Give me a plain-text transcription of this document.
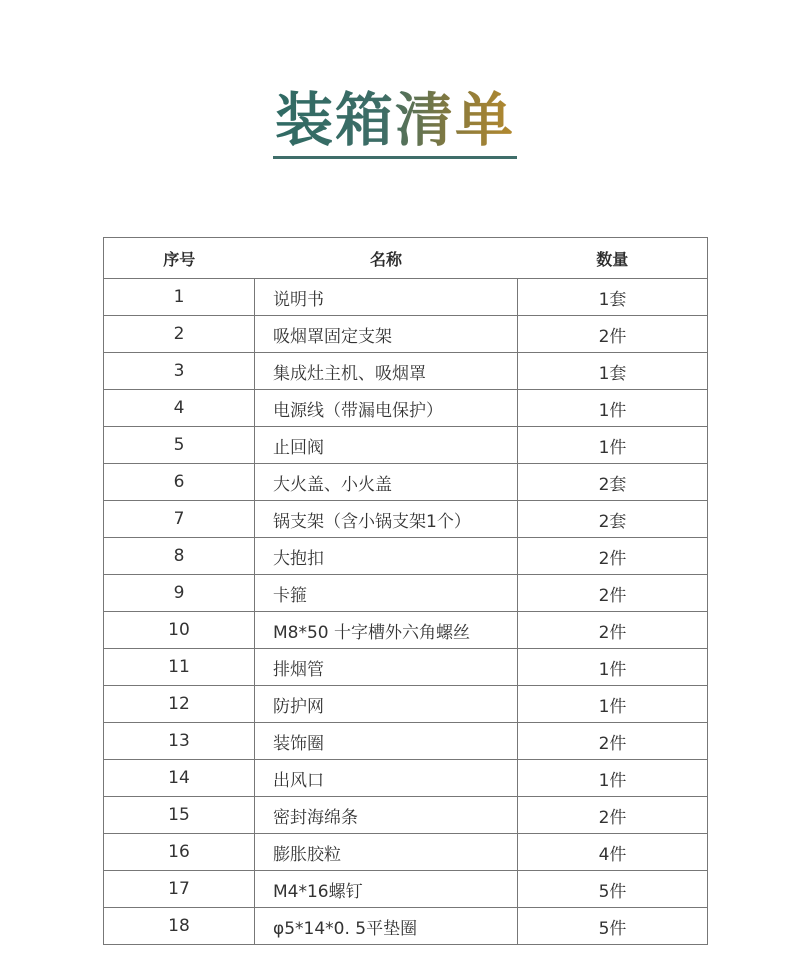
装箱清单
序号	名称	数量
1	说明书	1套
2	吸烟罩固定支架	2件
3	集成灶主机、吸烟罩	1套
4	电源线（带漏电保护）	1件
5	止回阀	1件
6	大火盖、小火盖	2套
7	锅支架（含小锅支架1个）	2套
8	大抱扣	2件
9	卡箍	2件
10	M8*50 十字槽外六角螺丝	2件
11	排烟管	1件
12	防护网	1件
13	装饰圈	2件
14	出风口	1件
15	密封海绵条	2件
16	膨胀胶粒	4件
17	M4*16螺钉	5件
18	φ5*14*0. 5平垫圈	5件
